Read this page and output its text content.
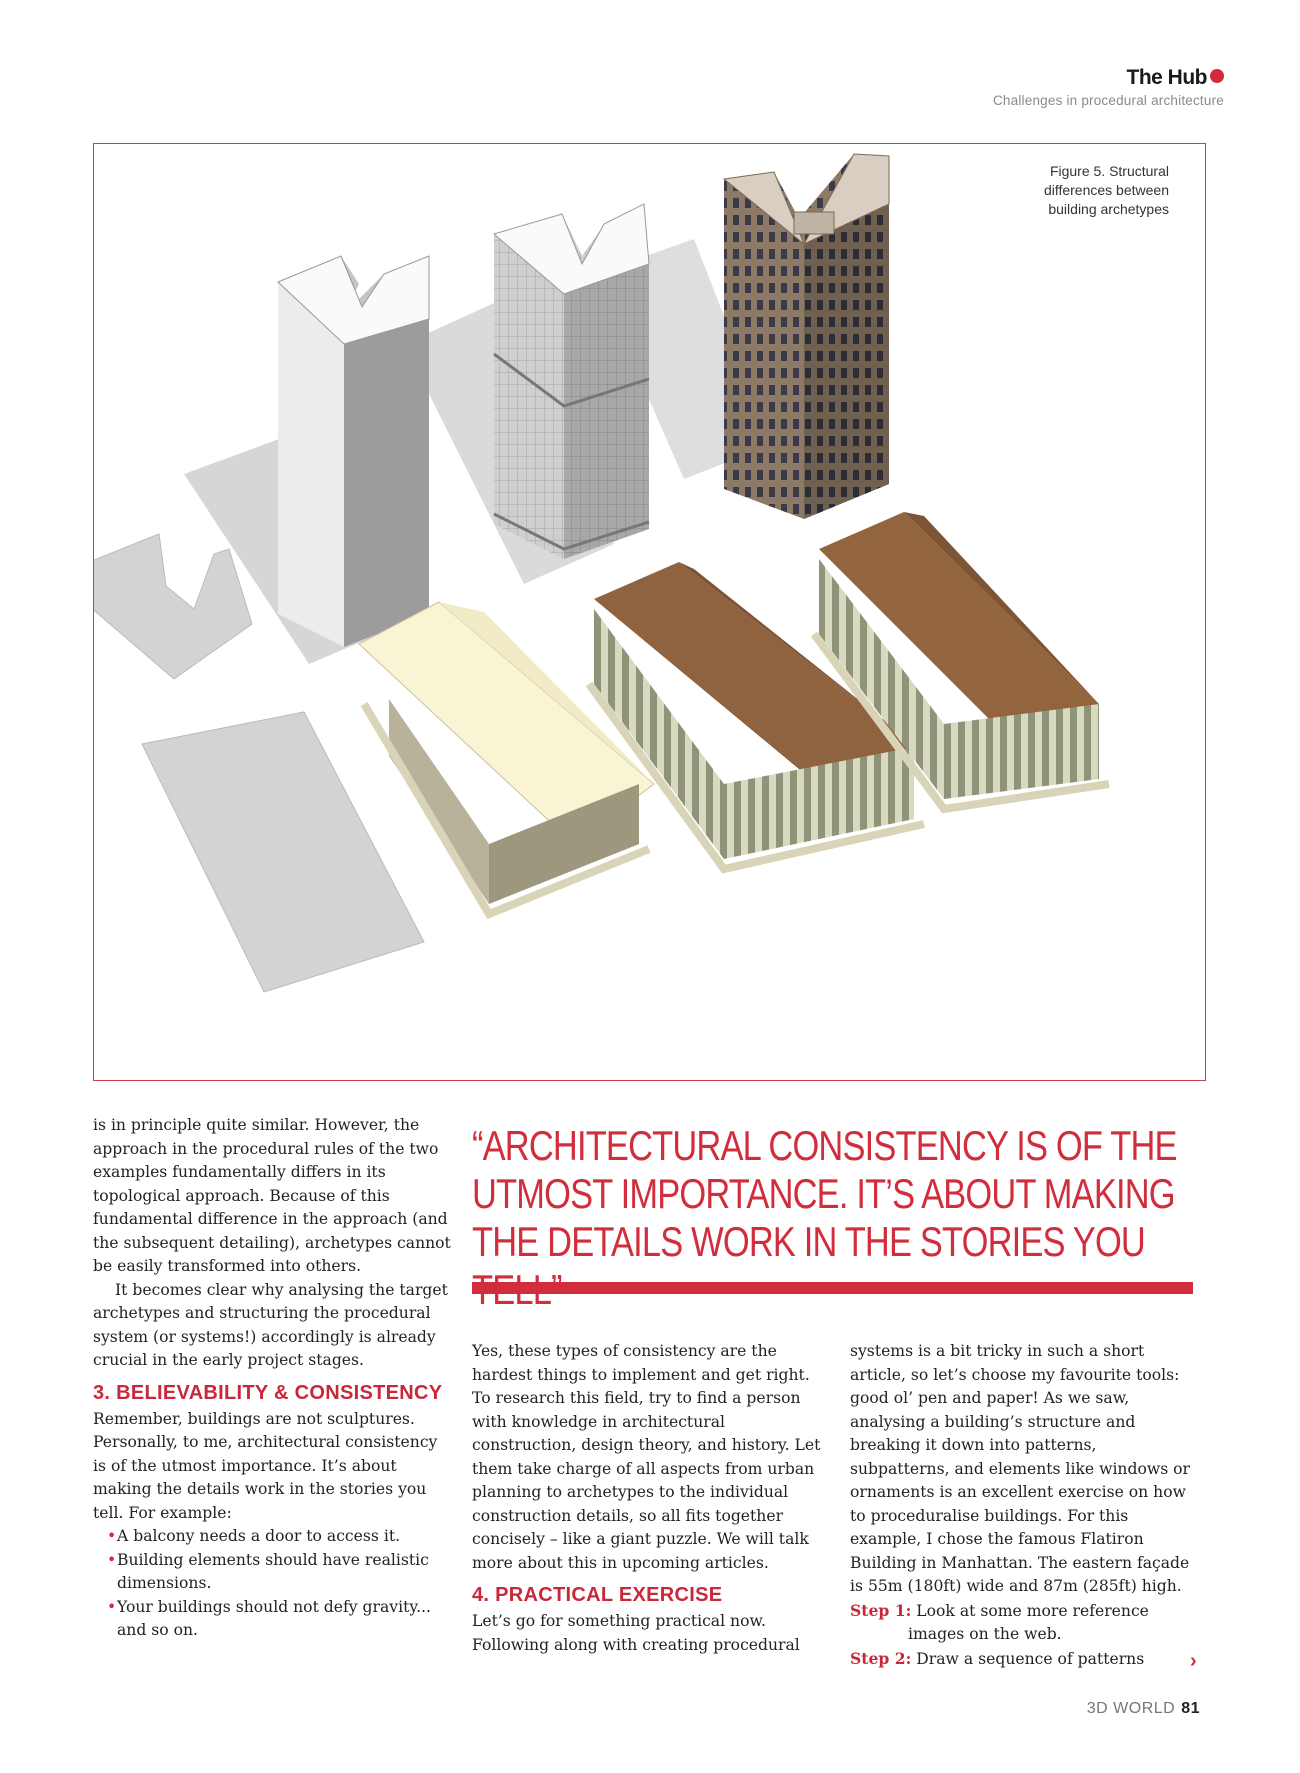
The Hub
Challenges in procedural architecture
Figure 5. Structural differences between building archetypes

is in principle quite similar. However, the approach in the procedural rules of the two examples fundamentally differs in its topological approach. Because of this fundamental difference in the approach (and the subsequent detailing), archetypes cannot be easily transformed into others.

It becomes clear why analysing the target archetypes and structuring the procedural system (or systems!) accordingly is already crucial in the early project stages.

3. BELIEVABILITY & CONSISTENCY

Remember, buildings are not sculptures. Personally, to me, architectural consistency is of the utmost importance. It’s about making the details work in the stories you tell. For example:

• A balcony needs a door to access it.
• Building elements should have realistic dimensions.
• Your buildings should not defy gravity... and so on.
“ARCHITECTURAL CONSISTENCY IS OF THE UTMOST IMPORTANCE. IT’S ABOUT MAKING THE DETAILS WORK IN THE STORIES YOU

Yes, these types of consistency are the hardest things to implement and get right. To research this field, try to find a person with knowledge in architectural construction, design theory, and history. Let them take charge of all aspects from urban planning to archetypes to the individual construction details, so all fits together concisely – like a giant puzzle. We will talk more about this in upcoming articles.

4. PRACTICAL EXERCISE

Let’s go for something practical now. Following along with creating procedural

systems is a bit tricky in such a short article, so let’s choose my favourite tools: good ol’ pen and paper! As we saw, analysing a building’s structure and breaking it down into patterns, subpatterns, and elements like windows or ornaments is an excellent exercise on how to proceduralise buildings. For this example, I chose the famous Flatiron Building in Manhattan. The eastern façade is 55m (180ft) wide and 87m (285ft) high.

Step 1: Look at some more reference images on the web.

Step 2: Draw a sequence of patterns	›
3D WORLD 81
